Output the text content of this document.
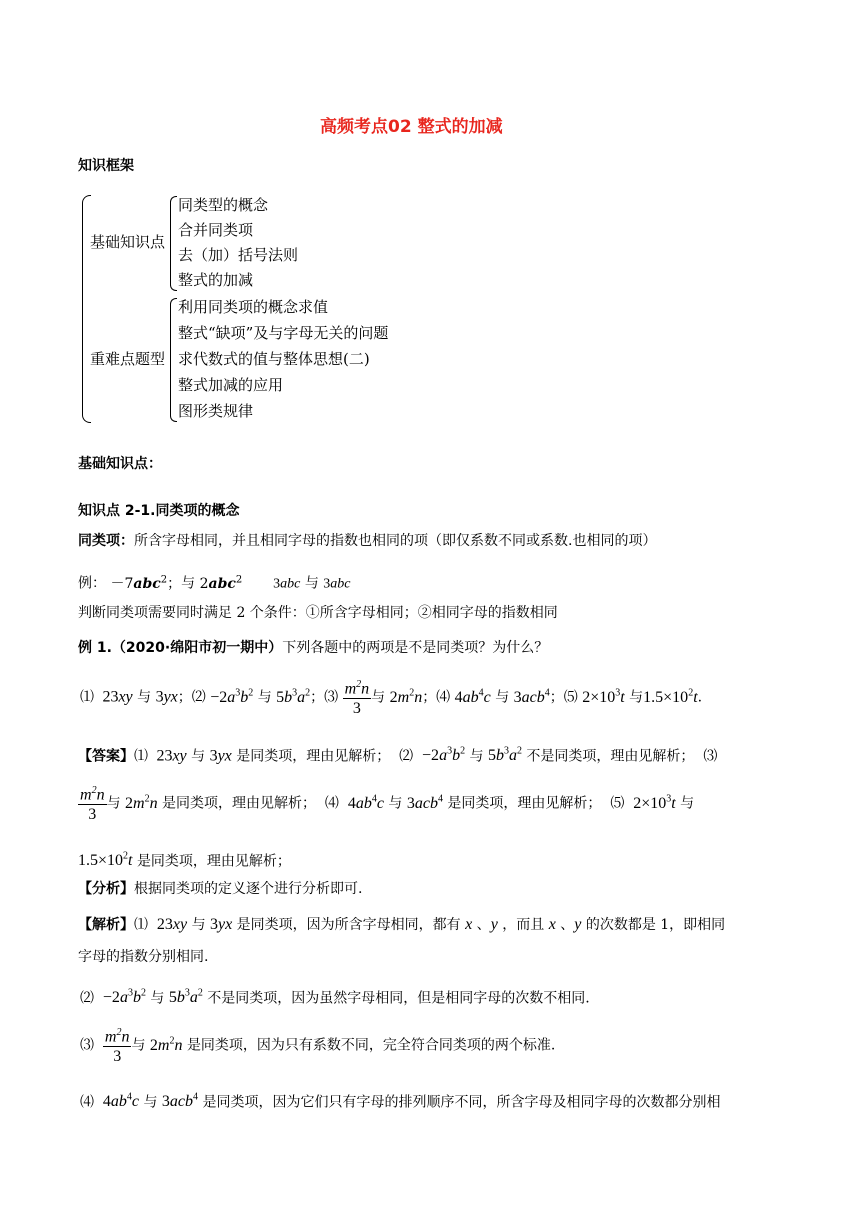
高频考点02 整式的加减
知识框架
基础知识点
同类型的概念
合并同类项
去（加）括号法则
整式的加减
重难点题型
利用同类项的概念求值
整式“缺项”及与字母无关的问题
求代数式的值与整体思想(二)
整式加减的应用
图形类规律
基础知识点：
知识点 2-1.同类项的概念
同类项：所含字母相同，并且相同字母的指数也相同的项（即仅系数不同或系数.也相同的项）
例： －7abc$^2$；与 2abc$^2$ 3abc 与 3abc
判断同类项需要同时满足 2 个条件：①所含字母相同；②相同字母的指数相同
例 1.（2020·绵阳市初一期中）下列各题中的两项是不是同类项？为什么？
⑴  23xy 与 3yx；⑵ $-2a^3b^2$ 与 $5b^3a^2$；⑶ $\frac{m^2n}{3}$ 与 $2m^2n$；⑷ $4ab^4c$ 与 3acb$^4$；⑸ $2\times 10^3t$ 与$1.5\times 10^2t$.
【答案】⑴  23xy 与 3yx 是同类项，理由见解析；  ⑵  $-2a^3b^2$ 与 $5b^3a^2$ 不是同类项，理由见解析；  ⑶
$\frac{m^2n}{3}$ 与 $2m^2n$ 是同类项，理由见解析；  ⑷  $4ab^4c$ 与 3acb$^4$ 是同类项，理由见解析；  ⑸  $2\times 10^3t$ 与
$1.5\times 10^2t$ 是同类项，理由见解析；
【分析】根据同类项的定义逐个进行分析即可.
【解析】⑴  23xy 与 3yx 是同类项，因为所含字母相同，都有 x 、y ，而且 x 、y 的次数都是 1，即相同
字母的指数分别相同.
⑵  $-2a^3b^2$ 与 $5b^3a^2$ 不是同类项，因为虽然字母相同，但是相同字母的次数不相同.
⑶ $\frac{m^2n}{3}$ 与 $2m^2n$ 是同类项，因为只有系数不同，完全符合同类项的两个标准.
⑷  $4ab^4c$ 与 3acb$^4$ 是同类项，因为它们只有字母的排列顺序不同，所含字母及相同字母的次数都分别相
